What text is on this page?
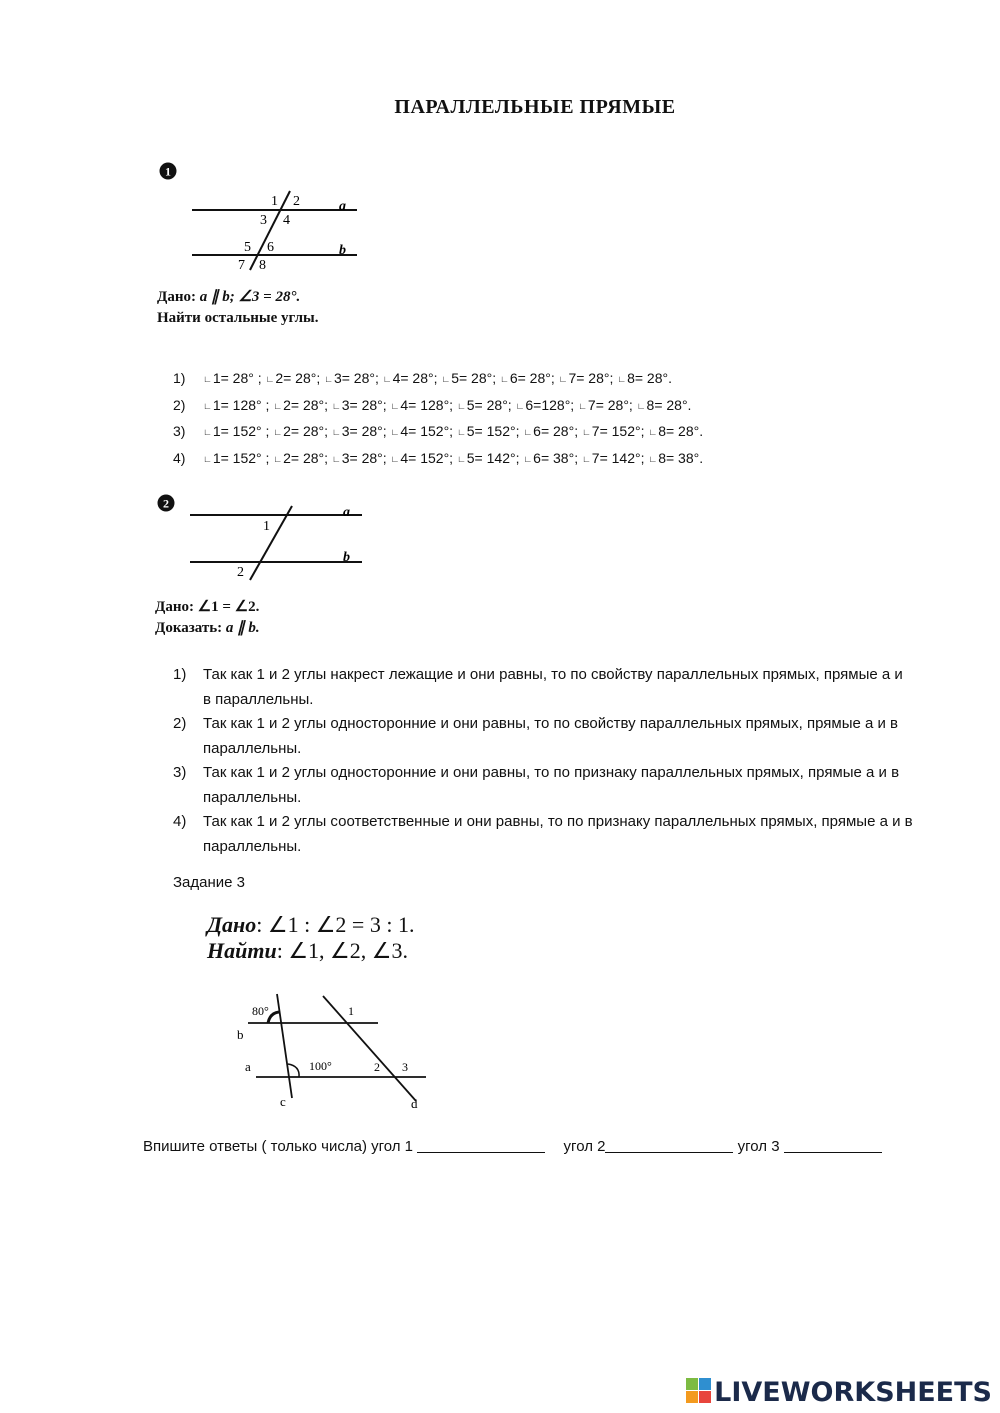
ПАРАЛЛЕЛЬНЫЕ ПРЯМЫЕ
1
a
b
1 2
3 4
5 6
7 8
Дано: a ∥ b; ∠3 = 28°.
Найти остальные углы.
1) ∟1= 28° ; ∟2= 28°; ∟3= 28°; ∟4= 28°; ∟5= 28°; ∟6= 28°; ∟7= 28°; ∟8= 28°.
2) ∟1= 128° ; ∟2= 28°; ∟3= 28°; ∟4= 128°; ∟5= 28°; ∟6=128°; ∟7= 28°; ∟8= 28°.
3) ∟1= 152° ; ∟2= 28°; ∟3= 28°; ∟4= 152°; ∟5= 152°; ∟6= 28°; ∟7= 152°; ∟8= 28°.
4) ∟1= 152° ; ∟2= 28°; ∟3= 28°; ∟4= 152°; ∟5= 142°; ∟6= 38°; ∟7= 142°; ∟8= 38°.
2
a
b
1
2
Дано: ∠1 = ∠2.
Доказать: a ∥ b.
1) Так как 1 и 2 углы накрест лежащие и они равны, то по свойству параллельных прямых, прямые а и в параллельны.
2) Так как 1 и 2 углы односторонние и они равны, то по свойству параллельных прямых, прямые а и в параллельны.
3) Так как 1 и 2 углы односторонние и они равны, то по признаку параллельных прямых, прямые а и в параллельны.
4) Так как 1 и 2 углы соответственные и они равны, то по признаку параллельных прямых, прямые а и в параллельны.
Задание 3
Дано: ∠1 : ∠2 = 3 : 1.
Найти: ∠1, ∠2, ∠3.
80°
100°
b
a
c	d
1
2 3
Впишите ответы ( только числа) угол 1	угол 2	угол 3
LIVEWORKSHEETS
